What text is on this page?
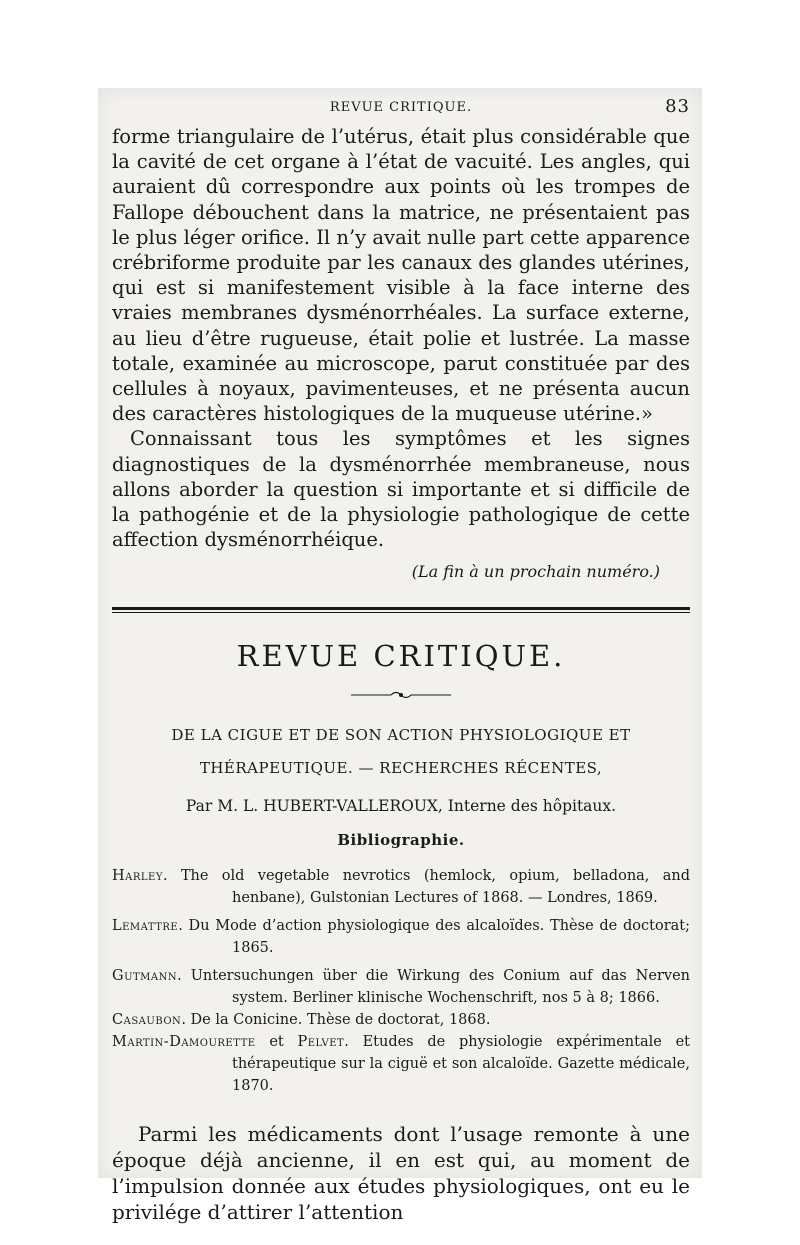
REVUE CRITIQUE.	83

forme triangulaire de l’utérus, était plus considérable que la cavité de cet organe à l’état de vacuité. Les angles, qui auraient dû correspondre aux points où les trompes de Fallope débouchent dans la matrice, ne présentaient pas le plus léger orifice. Il n’y avait nulle part cette apparence crébriforme produite par les canaux des glandes utérines, qui est si manifestement visible à la face interne des vraies membranes dysménorrhéales. La surface externe, au lieu d’être rugueuse, était polie et lustrée. La masse totale, examinée au microscope, parut constituée par des cellules à noyaux, pavimenteuses, et ne présenta aucun des caractères histologiques de la muqueuse utérine.»

Connaissant tous les symptômes et les signes diagnostiques de la dysménorrhée membraneuse, nous allons aborder la question si importante et si difficile de la pathogénie et de la physiologie pathologique de cette affection dysménorrhéique.

(La fin à un prochain numéro.)
REVUE CRITIQUE.
DE LA CIGUE ET DE SON ACTION PHYSIOLOGIQUE ET
THÉRAPEUTIQUE. — RECHERCHES RÉCENTES,
Par M. L. HUBERT-VALLEROUX, Interne des hôpitaux.
Bibliographie.

Harley. The old vegetable nevrotics (hemlock, opium, belladona, and henbane), Gulstonian Lectures of 1868. — Londres, 1869.

Lemattre. Du Mode d’action physiologique des alcaloïdes. Thèse de doctorat; 1865.

Gutmann. Untersuchungen über die Wirkung des Conium auf das Nerven system. Berliner klinische Wochenschrift, nos 5 à 8; 1866.

Casaubon. De la Conicine. Thèse de doctorat, 1868.

Martin-Damourette et Pelvet. Etudes de physiologie expérimentale et thérapeutique sur la ciguë et son alcaloïde. Gazette médicale, 1870.

Parmi les médicaments dont l’usage remonte à une époque déjà ancienne, il en est qui, au moment de l’impulsion donnée aux études physiologiques, ont eu le privilége d’attirer l’attention
